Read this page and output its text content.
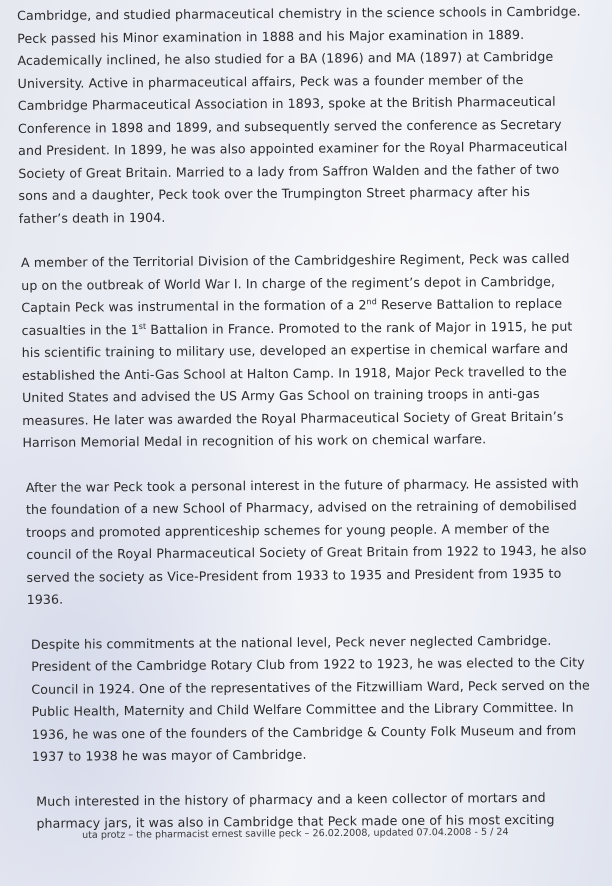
Cambridge, and studied pharmaceutical chemistry in the science schools in Cambridge.
Peck passed his Minor examination in 1888 and his Major examination in 1889.
Academically inclined, he also studied for a BA (1896) and MA (1897) at Cambridge
University. Active in pharmaceutical affairs, Peck was a founder member of the
Cambridge Pharmaceutical Association in 1893, spoke at the British Pharmaceutical
Conference in 1898 and 1899, and subsequently served the conference as Secretary
and President. In 1899, he was also appointed examiner for the Royal Pharmaceutical
Society of Great Britain. Married to a lady from Saffron Walden and the father of two
sons and a daughter, Peck took over the Trumpington Street pharmacy after his
father’s death in 1904.

A member of the Territorial Division of the Cambridgeshire Regiment, Peck was called
up on the outbreak of World War I. In charge of the regiment’s depot in Cambridge,
Captain Peck was instrumental in the formation of a 2nd Reserve Battalion to replace
casualties in the 1st Battalion in France. Promoted to the rank of Major in 1915, he put
his scientific training to military use, developed an expertise in chemical warfare and
established the Anti-Gas School at Halton Camp. In 1918, Major Peck travelled to the
United States and advised the US Army Gas School on training troops in anti-gas
measures. He later was awarded the Royal Pharmaceutical Society of Great Britain’s
Harrison Memorial Medal in recognition of his work on chemical warfare.

After the war Peck took a personal interest in the future of pharmacy. He assisted with
the foundation of a new School of Pharmacy, advised on the retraining of demobilised
troops and promoted apprenticeship schemes for young people. A member of the
council of the Royal Pharmaceutical Society of Great Britain from 1922 to 1943, he also
served the society as Vice-President from 1933 to 1935 and President from 1935 to
1936.

Despite his commitments at the national level, Peck never neglected Cambridge.
President of the Cambridge Rotary Club from 1922 to 1923, he was elected to the City
Council in 1924. One of the representatives of the Fitzwilliam Ward, Peck served on the
Public Health, Maternity and Child Welfare Committee and the Library Committee. In
1936, he was one of the founders of the Cambridge & County Folk Museum and from
1937 to 1938 he was mayor of Cambridge.

Much interested in the history of pharmacy and a keen collector of mortars and
pharmacy jars, it was also in Cambridge that Peck made one of his most exciting

uta protz – the pharmacist ernest saville peck – 26.02.2008, updated 07.04.2008 - 5 / 24
